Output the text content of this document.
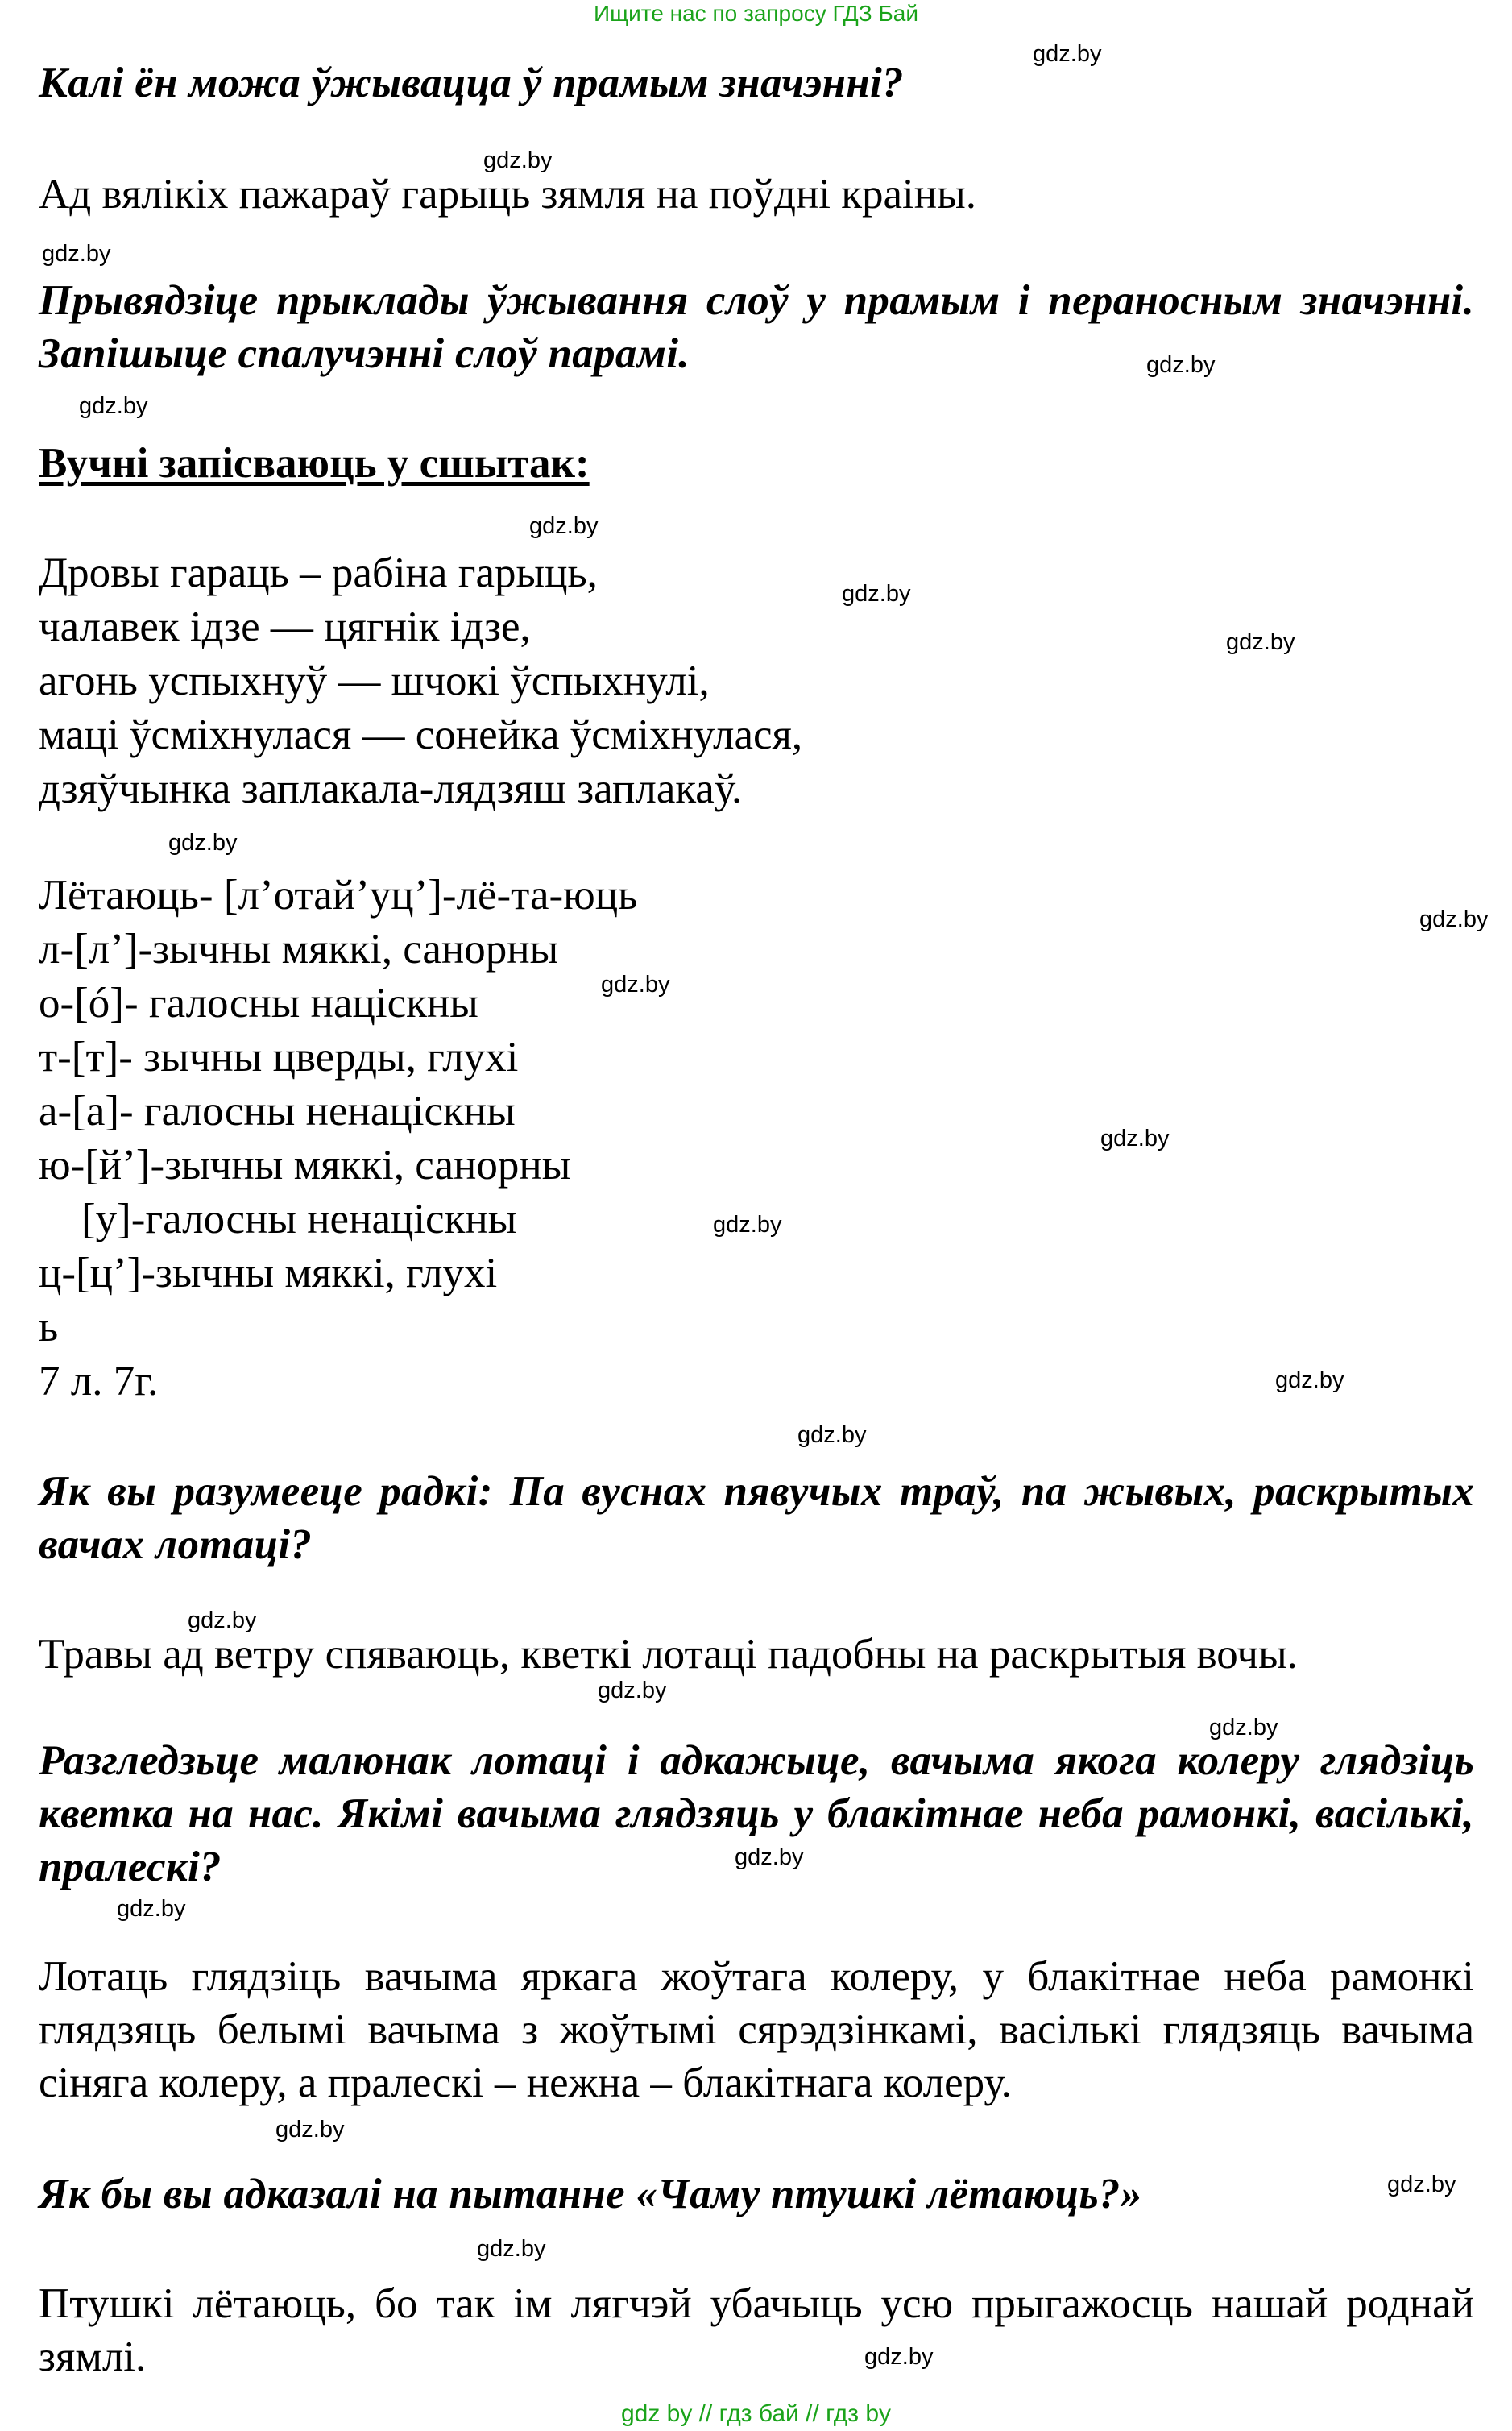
Ищите нас по запросу ГДЗ Бай

Калі ён можа ўжывацца ў прамым значэнні?

Ад вялікіх пажараў гарыць зямля на поўдні краіны.

Прывядзіце прыклады ўжывання слоў у прамым і пераносным значэнні. Запішыце спалучэнні слоў парамі.

Вучні запісваюць у сшытак:

Дровы гараць – рабіна гарыць,
чалавек ідзе — цягнік ідзе,
агонь успыхнуў — шчокі ўспыхнулі,
маці ўсміхнулася — сонейка ўсміхнулася,
дзяўчынка заплакала-лядзяш заплакаў.
Лётаюць- [л’отай’уц’]-лё-та-юць
л-[л’]-зычны мяккі, санорны
о-[ó]- галосны націскны
т-[т]- зычны цверды, глухі
а-[а]- галосны ненаціскны
ю-[й’]-зычны мяккі, санорны
[у]-галосны ненаціскны
ц-[ц’]-зычны мяккі, глухі
ь
7 л. 7г.

Як вы разумееце радкі: Па вуснах пявучых траў, па жывых, раскрытых вачах лотаці?

Травы ад ветру спяваюць, кветкі лотаці падобны на раскрытыя вочы.

Разгледзьце малюнак лотаці і адкажыце, вачыма якога колеру глядзіць кветка на нас. Якімі вачыма глядзяць у блакітнае неба рамонкі, васількі, пралескі?

Лотаць глядзіць вачыма яркага жоўтага колеру, у блакітнае неба рамонкі глядзяць белымі вачыма з жоўтымі сярэдзінкамі, васількі глядзяць вачыма сіняга колеру, а пралескі – нежна – блакітнага колеру.

Як бы вы адказалі на пытанне «Чаму птушкі лётаюць?»

Птушкі лётаюць, бо так ім лягчэй убачыць усю прыгажосць нашай роднай зямлі.

gdz.by
gdz.by
gdz.by
gdz.by
gdz.by
gdz.by
gdz.by
gdz.by
gdz.by
gdz.by
gdz.by
gdz.by
gdz.by
gdz.by
gdz.by
gdz.by
gdz.by
gdz.by
gdz.by
gdz.by
gdz.by
gdz.by
gdz.by
gdz.by
gdz by // гдз бай // гдз by
